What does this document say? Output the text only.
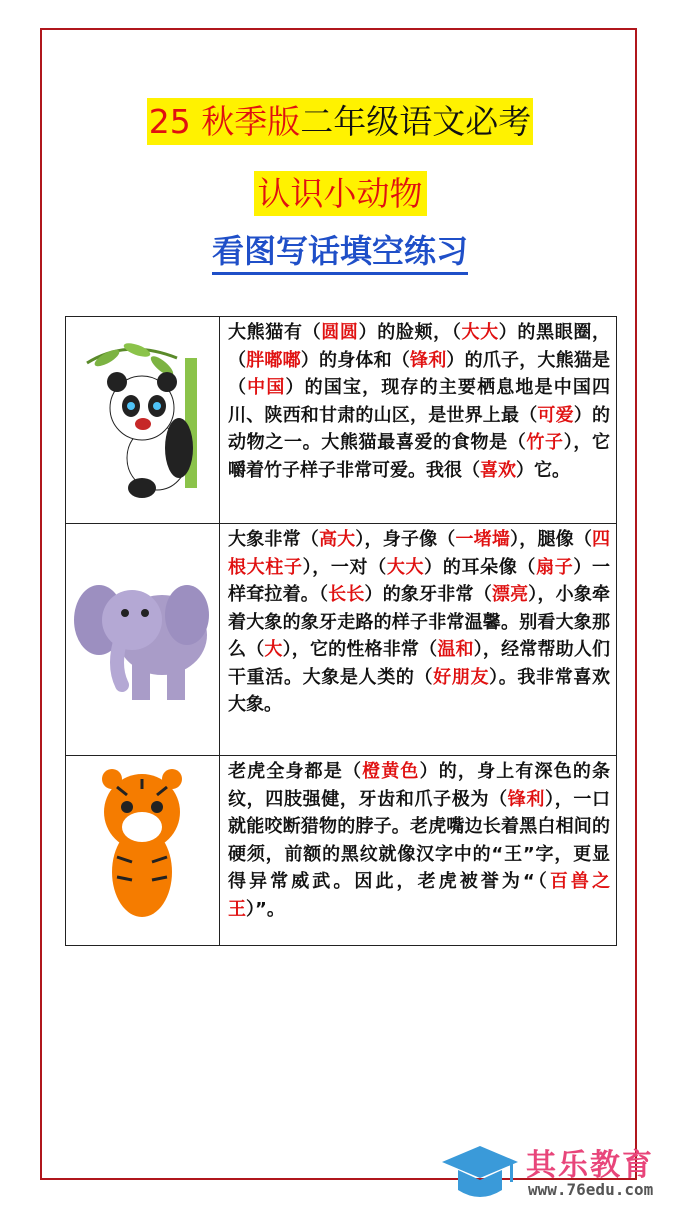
25 秋季版二年级语文必考
认识小动物
看图写话填空练习
	大熊猫有（圆圆）的脸颊，（大大）的黑眼圈，（胖嘟嘟）的身体和（锋利）的爪子，大熊猫是（中国）的国宝，现存的主要栖息地是中国四川、陕西和甘肃的山区，是世界上最（可爱）的动物之一。大熊猫最喜爱的食物是（竹子），它嚼着竹子样子非常可爱。我很（喜欢）它。
	大象非常（高大），身子像（一堵墙），腿像（四根大柱子），一对（大大）的耳朵像（扇子）一样耷拉着。（长长）的象牙非常（漂亮），小象牵着大象的象牙走路的样子非常温馨。别看大象那么（大），它的性格非常（温和），经常帮助人们干重活。大象是人类的（好朋友）。我非常喜欢大象。
	老虎全身都是（橙黄色）的，身上有深色的条纹，四肢强健，牙齿和爪子极为（锋利），一口就能咬断猎物的脖子。老虎嘴边长着黑白相间的硬须，前额的黑纹就像汉字中的“王”字，更显得异常威武。因此，老虎被誉为“（百兽之王）”。
其乐教育
www.76edu.com
